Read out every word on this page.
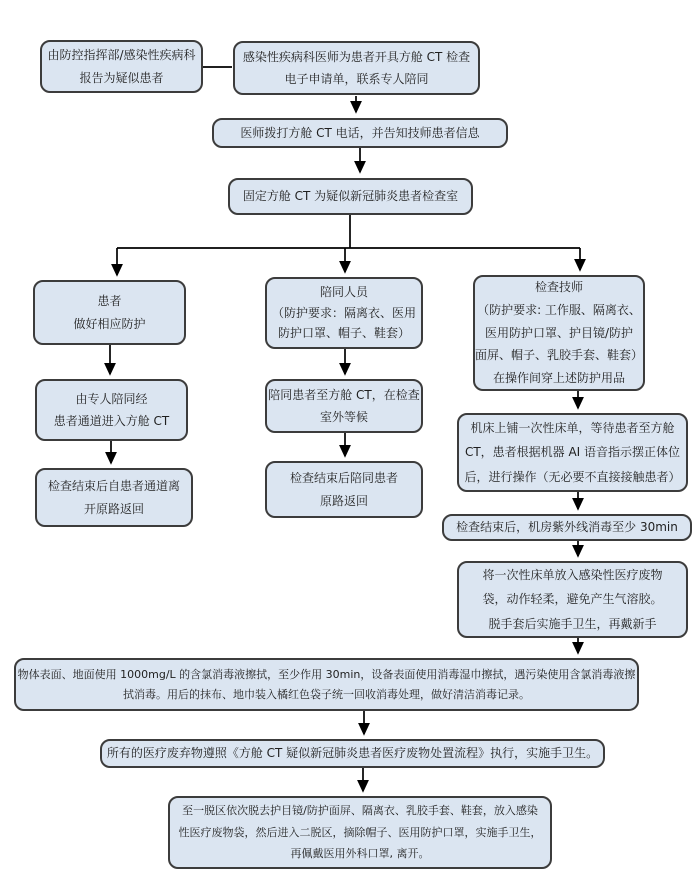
由防控指挥部/感染性疾病科
报告为疑似患者
感染性疾病科医师为患者开具方舱 CT 检查
电子申请单，联系专人陪同
医师拨打方舱 CT 电话，并告知技师患者信息
固定方舱 CT 为疑似新冠肺炎患者检查室
患者
做好相应防护
由专人陪同经
患者通道进入方舱 CT
检查结束后自患者通道离
开原路返回
陪同人员
（防护要求：隔离衣、医用
防护口罩、帽子、鞋套）
陪同患者至方舱 CT，在检查
室外等候
检查结束后陪同患者
原路返回
检查技师
（防护要求: 工作服、隔离衣、
医用防护口罩、护目镜/防护
面屏、帽子、乳胶手套、鞋套）
在操作间穿上述防护用品
机床上铺一次性床单，等待患者至方舱
CT，患者根据机器 AI 语音指示摆正体位
后，进行操作（无必要不直接接触患者）
检查结束后，机房紫外线消毒至少 30min
将一次性床单放入感染性医疗废物
袋，动作轻柔，避免产生气溶胶。
脱手套后实施手卫生，再戴新手
物体表面、地面使用 1000mg/L 的含氯消毒液擦拭，至少作用 30min，设备表面使用消毒湿巾擦拭，遇污染使用含氯消毒液擦
拭消毒。用后的抹布、地巾装入橘红色袋子统一回收消毒处理，做好清洁消毒记录。
所有的医疗废弃物遵照《方舱 CT 疑似新冠肺炎患者医疗废物处置流程》执行，实施手卫生。
至一脱区依次脱去护目镜/防护面屏、隔离衣、乳胶手套、鞋套，放入感染
性医疗废物袋，然后进入二脱区，摘除帽子、医用防护口罩，实施手卫生，
再佩戴医用外科口罩, 离开。
